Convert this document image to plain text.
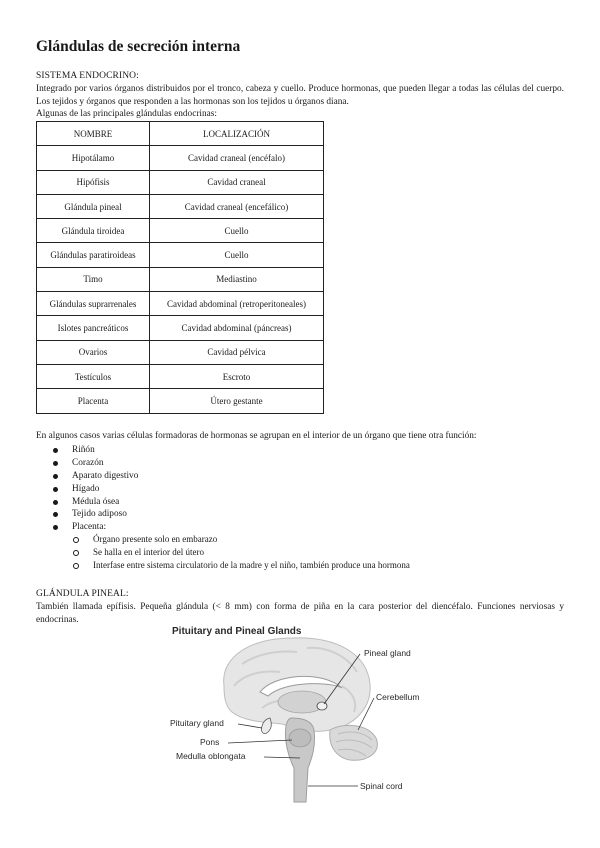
Glándulas de secreción interna

SISTEMA ENDOCRINO:

Integrado por varios órganos distribuidos por el tronco, cabeza y cuello. Produce hormonas, que pueden llegar a todas las células del cuerpo. Los tejidos y órganos que responden a las hormonas son los tejidos u órganos diana.

Algunas de las principales glándulas endocrinas:

NOMBRE	LOCALIZACIÓN
Hipotálamo	Cavidad craneal (encéfalo)
Hipófisis	Cavidad craneal
Glándula pineal	Cavidad craneal (encefálico)
Glándula tiroidea	Cuello
Glándulas paratiroideas	Cuello
Timo	Mediastino
Glándulas suprarrenales	Cavidad abdominal (retroperitoneales)
Islotes pancreáticos	Cavidad abdominal (páncreas)
Ovarios	Cavidad pélvica
Testículos	Escroto
Placenta	Útero gestante

En algunos casos varias células formadoras de hormonas se agrupan en el interior de un órgano que tiene otra función:

Riñón
Corazón
Aparato digestivo
Hígado
Médula ósea
Tejido adiposo
Placenta:
Órgano presente solo en embarazo
Se halla en el interior del útero
Interfase entre sistema circulatorio de la madre y el niño, también produce una hormona

GLÁNDULA PINEAL:

También llamada epífisis. Pequeña glándula (< 8 mm) con forma de piña en la cara posterior del diencéfalo. Funciones nerviosas y endocrinas.

Pituitary and Pineal Glands
Pineal gland
Cerebellum
Pituitary gland
Pons
Medulla oblongata
Spinal cord
